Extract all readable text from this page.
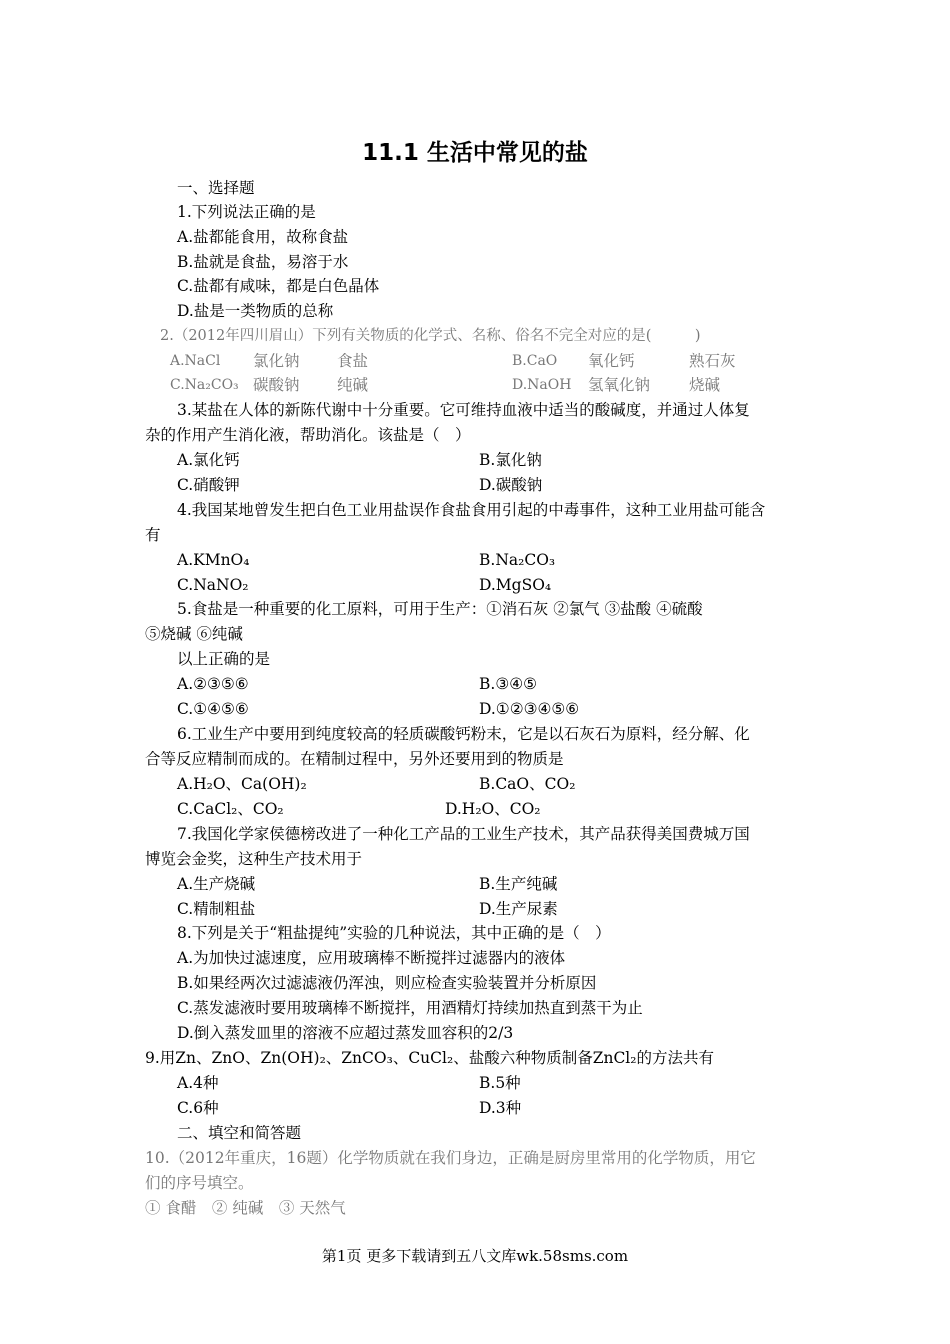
11.1 生活中常见的盐
一、选择题
1.下列说法正确的是
A.盐都能食用，故称食盐
B.盐就是食盐，易溶于水
C.盐都有咸味，都是白色晶体
D.盐是一类物质的总称
2.（2012年四川眉山）下列有关物质的化学式、名称、俗名不完全对应的是(　　　)
A.NaCl 氯化钠 食盐	B.CaO 氧化钙	熟石灰
C.Na₂CO₃ 碳酸钠 纯碱	D.NaOH 氢氧化钠	烧碱
3.某盐在人体的新陈代谢中十分重要。它可维持血液中适当的酸碱度，并通过人体复
杂的作用产生消化液，帮助消化。该盐是（　）
A.氯化钙	B.氯化钠
C.硝酸钾	D.碳酸钠
4.我国某地曾发生把白色工业用盐误作食盐食用引起的中毒事件，这种工业用盐可能含
有
A.KMnO₄	B.Na₂CO₃
C.NaNO₂	D.MgSO₄
5.食盐是一种重要的化工原料，可用于生产：①消石灰 ②氯气 ③盐酸 ④硫酸
⑤烧碱 ⑥纯碱
以上正确的是
A.②③⑤⑥	B.③④⑤
C.①④⑤⑥	D.①②③④⑤⑥
6.工业生产中要用到纯度较高的轻质碳酸钙粉末，它是以石灰石为原料，经分解、化
合等反应精制而成的。在精制过程中，另外还要用到的物质是
A.H₂O、Ca(OH)₂	B.CaO、CO₂
C.CaCl₂、CO₂	D.H₂O、CO₂
7.我国化学家侯德榜改进了一种化工产品的工业生产技术，其产品获得美国费城万国
博览会金奖，这种生产技术用于
A.生产烧碱	B.生产纯碱
C.精制粗盐	D.生产尿素
8.下列是关于“粗盐提纯”实验的几种说法，其中正确的是（　）
A.为加快过滤速度，应用玻璃棒不断搅拌过滤器内的液体
B.如果经两次过滤滤液仍浑浊，则应检查实验装置并分析原因
C.蒸发滤液时要用玻璃棒不断搅拌，用酒精灯持续加热直到蒸干为止
D.倒入蒸发皿里的溶液不应超过蒸发皿容积的2/3
9.用Zn、ZnO、Zn(OH)₂、ZnCO₃、CuCl₂、盐酸六种物质制备ZnCl₂的方法共有
A.4种	B.5种
C.6种	D.3种
二、填空和简答题
10.（2012年重庆，16题）化学物质就在我们身边，正确是厨房里常用的化学物质，用它
们的序号填空。
① 食醋　② 纯碱　③ 天然气
第1页 更多下载请到五八文库wk.58sms.com
